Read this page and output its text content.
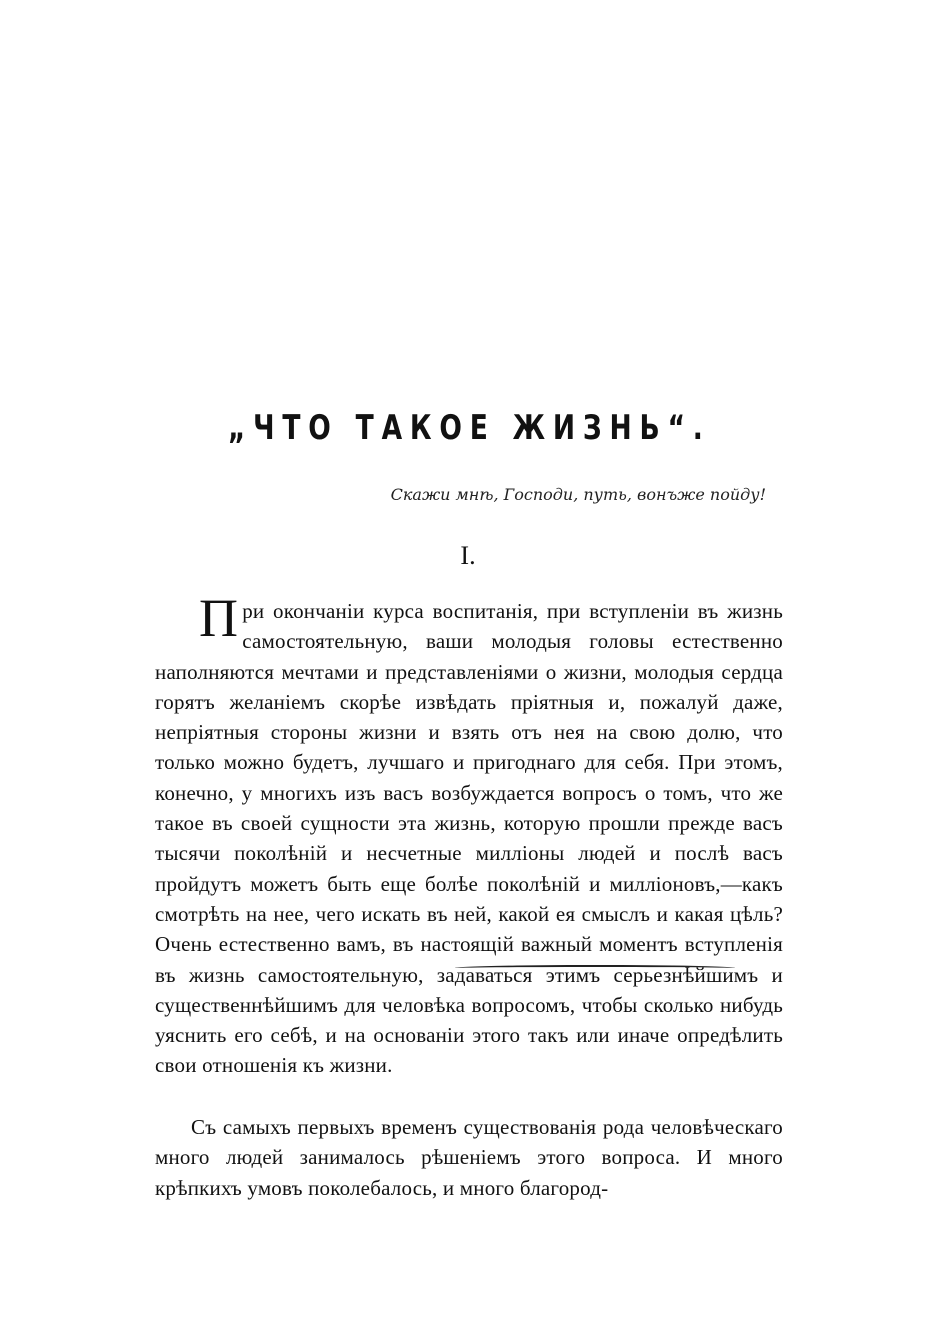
„ЧТО ТАКОЕ ЖИЗНЬ“.
Скажи мнѣ, Господи, путь, вонъже пойду!
I.
П ри окончаніи курса воспитанія, при вступленіи въ жизнь самостоятельную, ваши молодыя головы естественно наполняются мечтами и представленіями о жизни, молодыя сердца горятъ желаніемъ скорѣе извѣдать пріятныя и, пожалуй даже, непріятныя стороны жизни и взять отъ нея на свою долю, что только можно будетъ, лучшаго и пригоднаго для себя. При этомъ, конечно, у многихъ изъ васъ возбуждается вопросъ о томъ, что же такое въ своей сущности эта жизнь, которую прошли прежде васъ тысячи поколѣній и несчетные милліоны людей и послѣ васъ пройдутъ можетъ быть еще болѣе поколѣній и милліоновъ,—какъ смотрѣть на нее, чего искать въ ней, какой ея смыслъ и какая цѣль? Очень естественно вамъ, въ настоящій важный моментъ вступленія въ жизнь самостоятельную, задаваться этимъ серьезнѣйшимъ и существеннѣйшимъ для человѣка вопросомъ, чтобы сколько нибудь уяснить его себѣ, и на основаніи этого такъ или иначе опредѣлить свои отношенія къ жизни.
Съ самыхъ первыхъ временъ существованія рода человѣческаго много людей занималось рѣшеніемъ этого вопроса. И много крѣпкихъ умовъ поколебалось, и много благород-
